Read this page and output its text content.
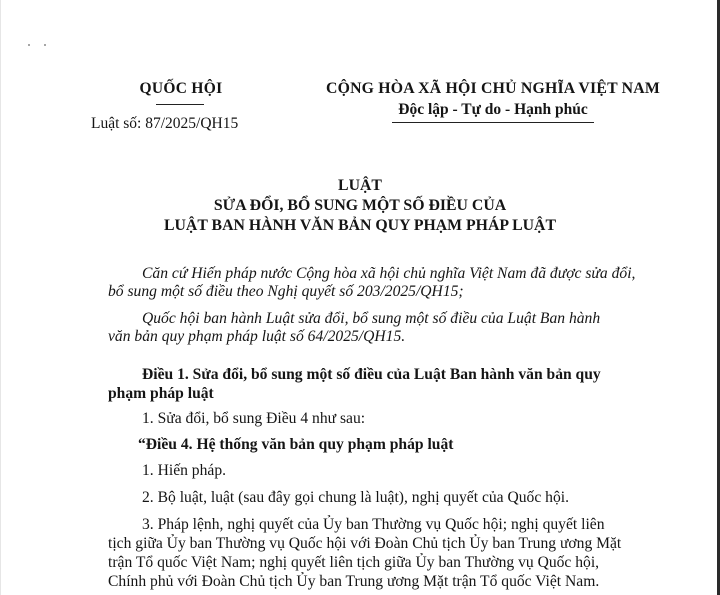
QUỐC HỘI
Luật số: 87/2025/QH15
CỘNG HÒA XÃ HỘI CHỦ NGHĨA VIỆT NAM
Độc lập - Tự do - Hạnh phúc
LUẬT
SỬA ĐỔI, BỔ SUNG MỘT SỐ ĐIỀU CỦA
LUẬT BAN HÀNH VĂN BẢN QUY PHẠM PHÁP LUẬT
Căn cứ Hiến pháp nước Cộng hòa xã hội chủ nghĩa Việt Nam đã được sửa đổi,
bổ sung một số điều theo Nghị quyết số 203/2025/QH15;
Quốc hội ban hành Luật sửa đổi, bổ sung một số điều của Luật Ban hành
văn bản quy phạm pháp luật số 64/2025/QH15.
Điều 1. Sửa đổi, bổ sung một số điều của Luật Ban hành văn bản quy
phạm pháp luật
1. Sửa đổi, bổ sung Điều 4 như sau:
“Điều 4. Hệ thống văn bản quy phạm pháp luật
1. Hiến pháp.
2. Bộ luật, luật (sau đây gọi chung là luật), nghị quyết của Quốc hội.
3. Pháp lệnh, nghị quyết của Ủy ban Thường vụ Quốc hội; nghị quyết liên
tịch giữa Ủy ban Thường vụ Quốc hội với Đoàn Chủ tịch Ủy ban Trung ương Mặt
trận Tổ quốc Việt Nam; nghị quyết liên tịch giữa Ủy ban Thường vụ Quốc hội,
Chính phủ với Đoàn Chủ tịch Ủy ban Trung ương Mặt trận Tổ quốc Việt Nam.
